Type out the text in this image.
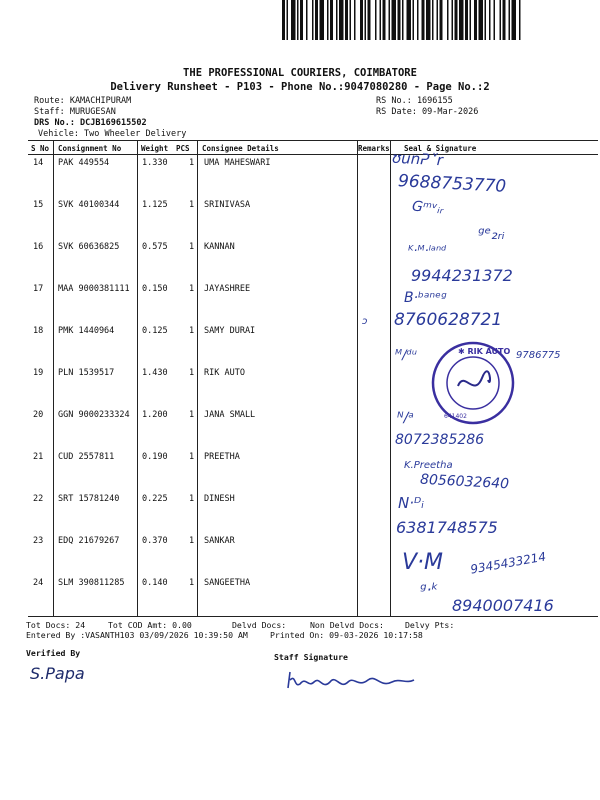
THE PROFESSIONAL COURIERS, COIMBATORE
Delivery Runsheet - P103 - Phone No.:9047080280 - Page No.:2
Route: KAMACHIPURAM
Staff: MURUGESAN
DRS No.: DCJB169615502
Vehicle: Two Wheeler Delivery
RS No.: 1696155
RS Date: 09-Mar-2026
S No Consignment No	Weight PCS Consignee Details	Remarks Seal & Signature
14 PAK 449554	1.330	1 UMA MAHESWARI
15 SVK 40100344	1.125	1 SRINIVASA
16 SVK 60636825	0.575	1 KANNAN
17 MAA 9000381111 0.150	1 JAYASHREE
18 PMK 1440964	0.125	1 SAMY DURAI
19 PLN 1539517	1.430	1 RIK AUTO
20 GGN 9000233324 1.200	1 JANA SMALL
21 CUD 2557811	0.190	1 PREETHA
22 SRT 15781240	0.225	1 DINESH
23 EDQ 21679267	0.370	1 SANKAR
24 SLM 390811285 0.140	1 SANGEETHA
ʊunᕈ˅r
9688753770
Gᵐᵛᵢᵣ
ᵍᵉ₂ᵣᵢ
ᴷ·ᴹ·ˡᵃⁿᵈ
9944231372
B·ᵇᵃⁿᵉᵍ
8760628721
ᴹ∕ᵈᵘ	9786775
ᴺ∕ᵃ
8072385286
K.Preetha
8056032640
N·ᴰᵢ
6381748575
V·M 9345433214
ᵍ·ᵏ
8940007416
ͻ
✱ RIK AUTO
641402
Tot Docs: 24	Tot COD Amt: 0.00	Delvd Docs:	Non Delvd Docs:	Delvy Pts:
Entered By :VASANTH103 03/09/2026 10:39:50 AM	Printed On: 09-03-2026 10:17:58
Verified By	Staff Signature
S.Papa
